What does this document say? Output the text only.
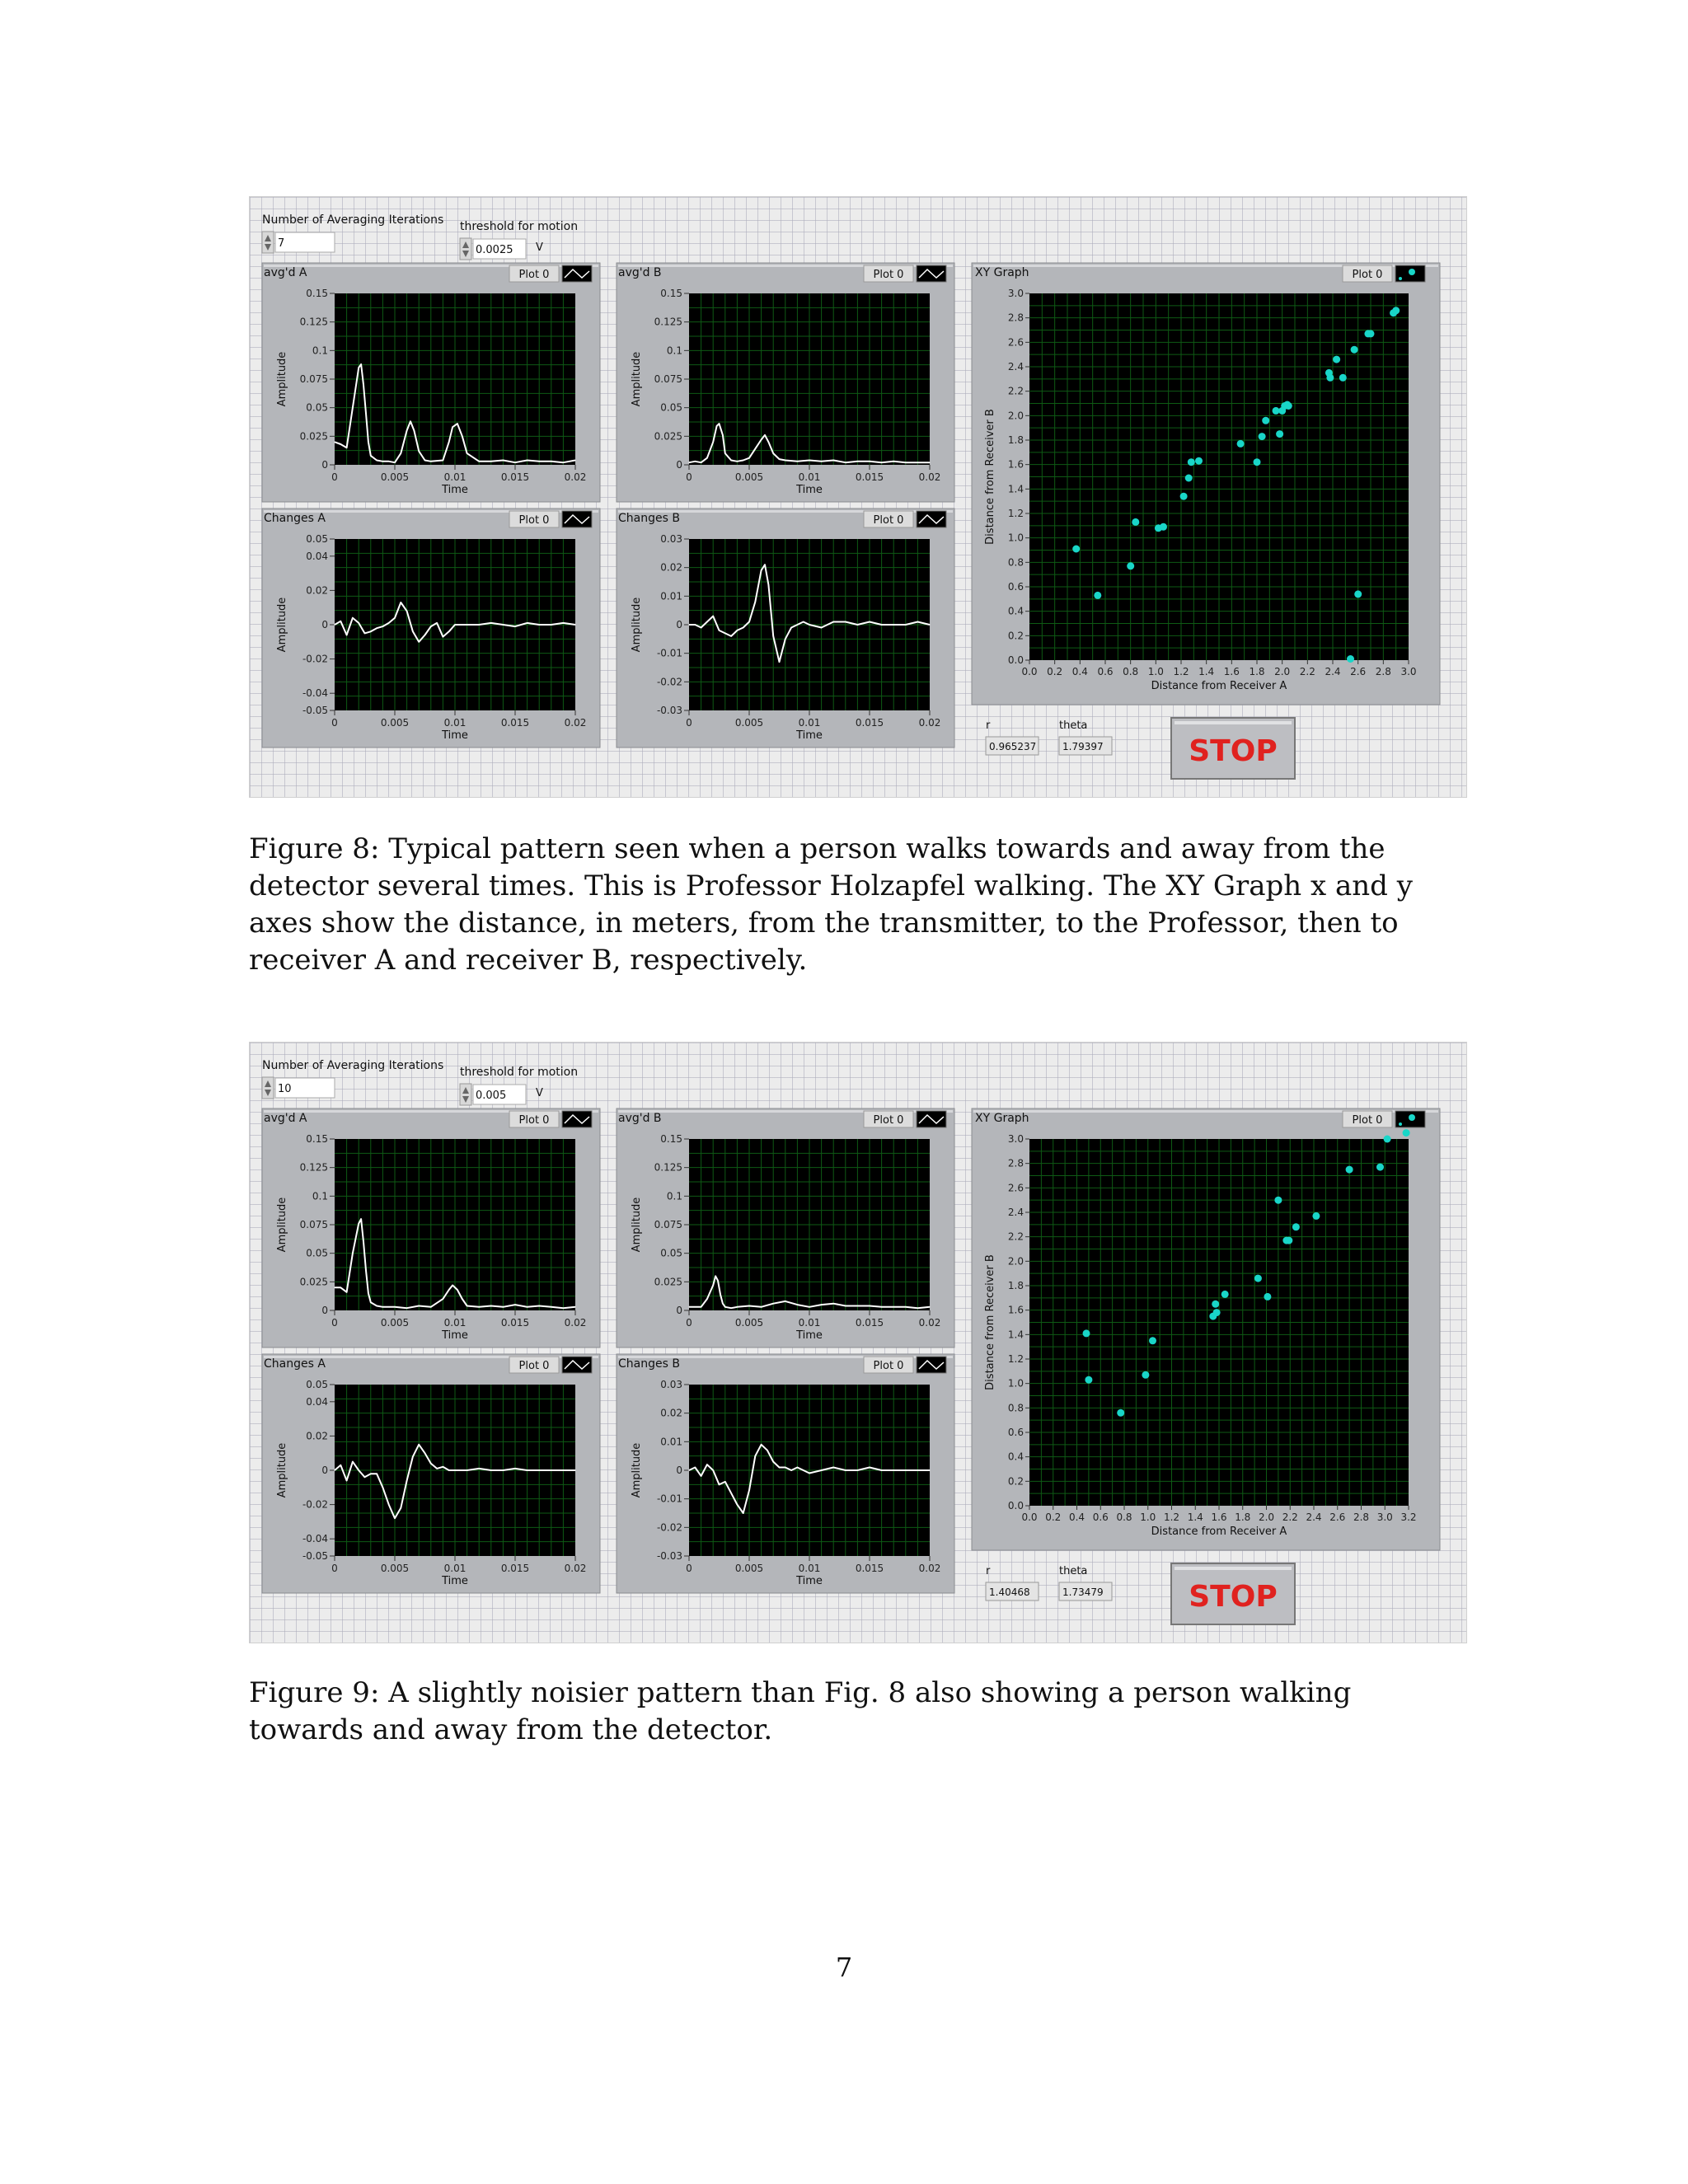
Number of Averaging Iterations
7
threshold for motion
0.0025 V
avg'd A	Plot 0
0.15
0.125
0.1
0.075
0.05
0.025
0
0	0.005	0.01	0.015	0.02
Time
Amplitude
avg'd B	Plot 0
0.15
0.125
0.1
0.075
0.05
0.025
0
0	0.005	0.01	0.015	0.02
Time
Amplitude
Changes A	Plot 0
0.05
0.04
0.02
0
-0.02
-0.04
-0.05
0	0.005	0.01	0.015	0.02
Time
Amplitude
Changes B	Plot 0
0.03
0.02
0.01
0
-0.01
-0.02
-0.03
0	0.005	0.01	0.015	0.02
Time
Amplitude
XY Graph	Plot 0
3.0
2.8
2.6
2.4
2.2
2.0
1.8
1.6
1.4
1.2
1.0
0.8
0.6
0.4
0.2
0.0
0.0 0.2 0.4 0.6 0.8 1.0 1.2 1.4 1.6 1.8 2.0 2.2 2.4 2.6 2.8 3.0
Distance from Receiver A
Distance from Receiver B
r
0.965237
theta
1.79397	STOP
Figure 8: Typical pattern seen when a person walks towards and away from the detector several times. This is Professor Holzapfel walking. The XY Graph x and y axes show the distance, in meters, from the transmitter, to the Professor, then to receiver A and receiver B, respectively.
Number of Averaging Iterations
10
threshold for motion
0.005	V
avg'd A	Plot 0
0.15
0.125
0.1
0.075
0.05
0.025
0
0	0.005	0.01	0.015	0.02
Time
Amplitude
avg'd B	Plot 0
0.15
0.125
0.1
0.075
0.05
0.025
0
0	0.005	0.01	0.015	0.02
Time
Amplitude
Changes A	Plot 0
0.05
0.04
0.02
0
-0.02
-0.04
-0.05
0	0.005	0.01	0.015	0.02
Time
Amplitude
Changes B	Plot 0
0.03
0.02
0.01
0
-0.01
-0.02
-0.03
0	0.005	0.01	0.015	0.02
Time
Amplitude
XY Graph	Plot 0
3.0
2.8
2.6
2.4
2.2
2.0
1.8
1.6
1.4
1.2
1.0
0.8
0.6
0.4
0.2
0.0
0.0 0.2 0.4 0.6 0.8 1.0 1.2 1.4 1.6 1.8 2.0 2.2 2.4 2.6 2.8 3.0 3.2
Distance from Receiver A
Distance from Receiver B
r
1.40468
theta
1.73479	STOP
Figure 9: A slightly noisier pattern than Fig. 8 also showing a person walking towards and away from the detector.
7
